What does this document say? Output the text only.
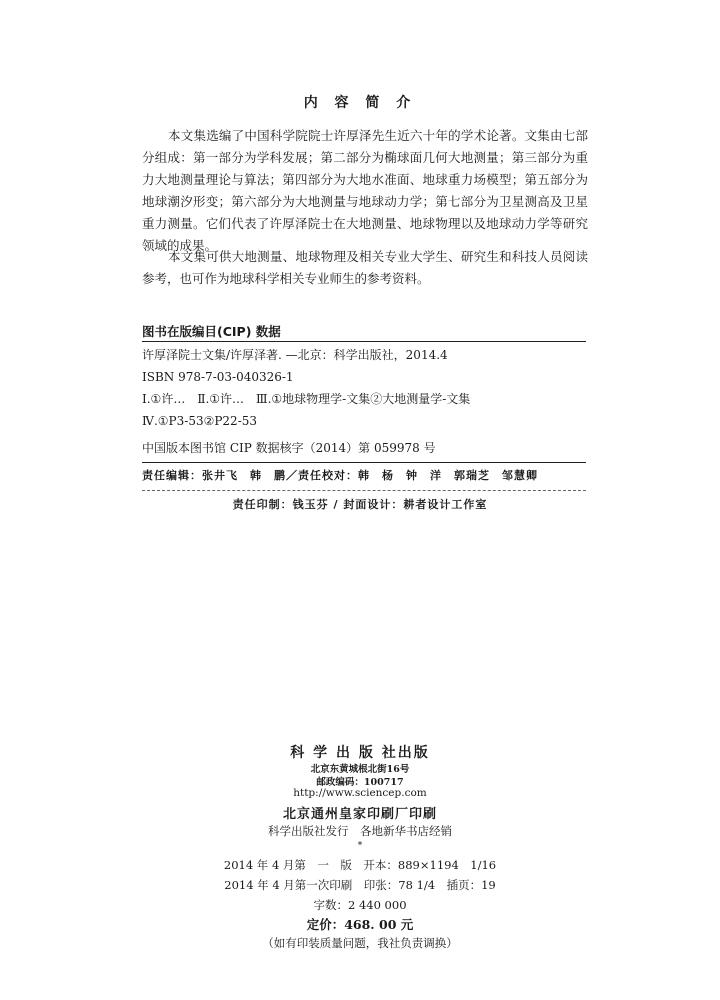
内 容 简 介

本文集选编了中国科学院院士许厚泽先生近六十年的学术论著。文集由七部分组成：第一部分为学科发展；第二部分为椭球面几何大地测量；第三部分为重力大地测量理论与算法；第四部分为大地水准面、地球重力场模型；第五部分为地球潮汐形变；第六部分为大地测量与地球动力学；第七部分为卫星测高及卫星重力测量。它们代表了许厚泽院士在大地测量、地球物理以及地球动力学等研究领域的成果。

本文集可供大地测量、地球物理及相关专业大学生、研究生和科技人员阅读参考，也可作为地球科学相关专业师生的参考资料。

图书在版编目(CIP) 数据
许厚泽院士文集/许厚泽著. —北京：科学出版社，2014.4
ISBN 978-7-03-040326-1
Ⅰ.①许…　Ⅱ.①许…　Ⅲ.①地球物理学-文集②大地测量学-文集
Ⅳ.①P3-53②P22-53
中国版本图书馆 CIP 数据核字（2014）第 059978 号
责任编辑：张井飞　韩　鹏／责任校对：韩　杨　钟　洋　郭瑞芝　邹慧卿
责任印制：钱玉芬 / 封面设计：耕者设计工作室
科 学 出 版 社出版
北京东黄城根北街16号
邮政编码：100717
http://www.sciencep.com
北京通州皇家印刷厂印刷
科学出版社发行　各地新华书店经销
*
2014 年 4 月第　一　版　开本：889×1194　1/16
2014 年 4 月第一次印刷　印张：78 1/4　插页：19
字数：2 440 000
定价：468. 00 元
（如有印装质量问题，我社负责调换）
